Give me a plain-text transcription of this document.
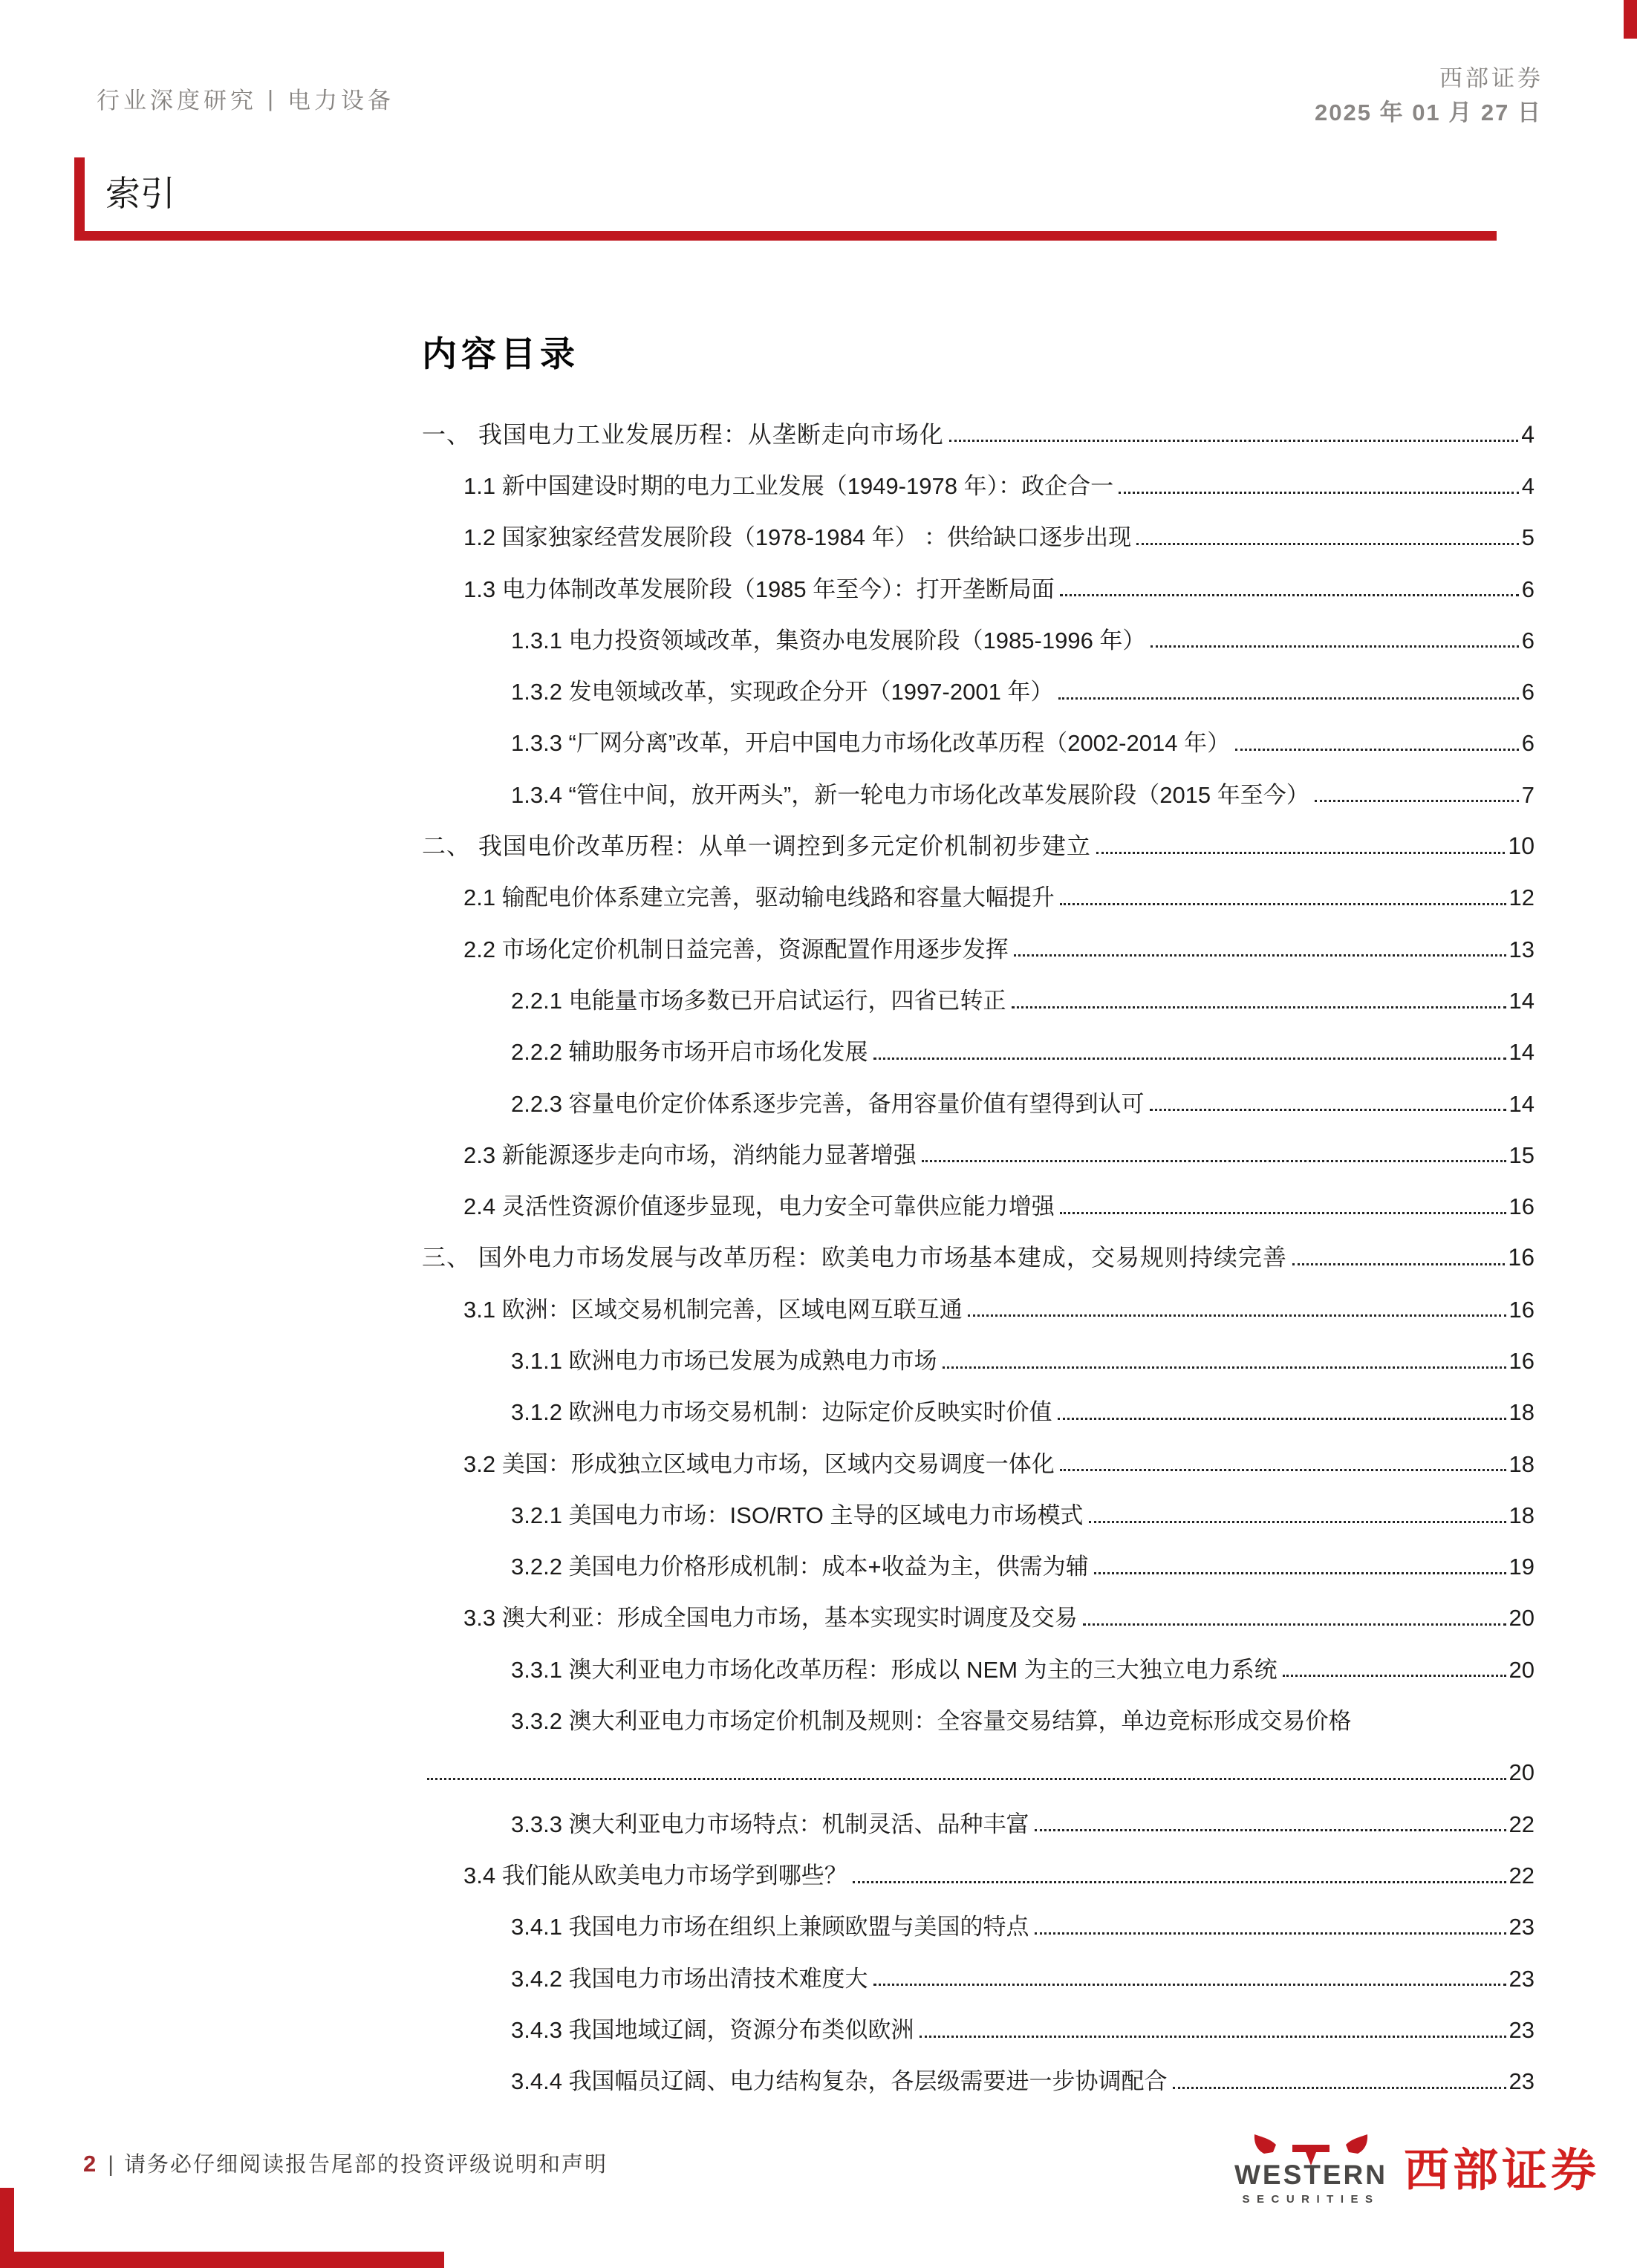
行业深度研究 | 电力设备
西部证券
2025 年 01 月 27 日
索引
内容目录
一、 我国电力工业发展历程：从垄断走向市场化	4
1.1 新中国建设时期的电力工业发展（1949-1978 年）：政企合一	4
1.2 国家独家经营发展阶段（1978-1984 年） ：供给缺口逐步出现	5
1.3 电力体制改革发展阶段（1985 年至今）：打开垄断局面	6
1.3.1 电力投资领域改革，集资办电发展阶段（1985-1996 年）	6
1.3.2 发电领域改革，实现政企分开（1997-2001 年）	6
1.3.3 “厂网分离”改革，开启中国电力市场化改革历程（2002-2014 年）	6
1.3.4 “管住中间，放开两头”，新一轮电力市场化改革发展阶段（2015 年至今）	7
二、 我国电价改革历程：从单一调控到多元定价机制初步建立	10
2.1 输配电价体系建立完善，驱动输电线路和容量大幅提升	12
2.2 市场化定价机制日益完善，资源配置作用逐步发挥	13
2.2.1 电能量市场多数已开启试运行，四省已转正	14
2.2.2 辅助服务市场开启市场化发展	14
2.2.3 容量电价定价体系逐步完善，备用容量价值有望得到认可	14
2.3 新能源逐步走向市场，消纳能力显著增强	15
2.4 灵活性资源价值逐步显现，电力安全可靠供应能力增强	16
三、 国外电力市场发展与改革历程：欧美电力市场基本建成，交易规则持续完善	16
3.1 欧洲：区域交易机制完善，区域电网互联互通	16
3.1.1 欧洲电力市场已发展为成熟电力市场	16
3.1.2 欧洲电力市场交易机制：边际定价反映实时价值	18
3.2 美国：形成独立区域电力市场，区域内交易调度一体化	18
3.2.1 美国电力市场：ISO/RTO 主导的区域电力市场模式	18
3.2.2 美国电力价格形成机制：成本+收益为主，供需为辅	19
3.3 澳大利亚：形成全国电力市场，基本实现实时调度及交易	20
3.3.1 澳大利亚电力市场化改革历程：形成以 NEM 为主的三大独立电力系统	20
3.3.2 澳大利亚电力市场定价机制及规则：全容量交易结算，单边竞标形成交易价格
20
3.3.3 澳大利亚电力市场特点：机制灵活、品种丰富	22
3.4 我们能从欧美电力市场学到哪些？	22
3.4.1 我国电力市场在组织上兼顾欧盟与美国的特点	23
3.4.2 我国电力市场出清技术难度大	23
3.4.3 我国地域辽阔，资源分布类似欧洲	23
3.4.4 我国幅员辽阔、电力结构复杂，各层级需要进一步协调配合	23
2 | 请务必仔细阅读报告尾部的投资评级说明和声明	WESTERN
SECURITIES
西部证券
